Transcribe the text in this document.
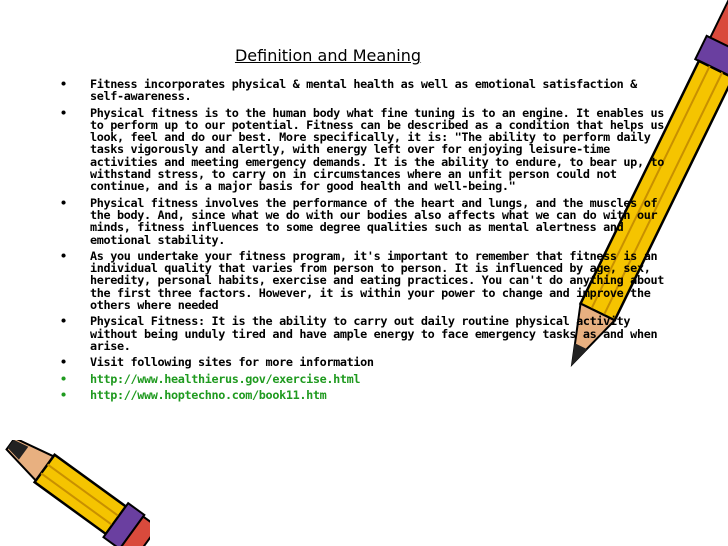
Definition and Meaning
• Fitness incorporates physical & mental health as well as emotional satisfaction & self-awareness.
• Physical fitness is to the human body what fine tuning is to an engine. It enables us to perform up to our potential. Fitness can be described as a condition that helps us look, feel and do our best. More specifically, it is: "The ability to perform daily tasks vigorously and alertly, with energy left over for enjoying leisure-time activities and meeting emergency demands. It is the ability to endure, to bear up, to withstand stress, to carry on in circumstances where an unfit person could not continue, and is a major basis for good health and well-being."
• Physical fitness involves the performance of the heart and lungs, and the muscles of the body. And, since what we do with our bodies also affects what we can do with our minds, fitness influences to some degree qualities such as mental alertness and emotional stability.
• As you undertake your fitness program, it's important to remember that fitness is an individual quality that varies from person to person. It is influenced by age, sex, heredity, personal habits, exercise and eating practices. You can't do anything about the first three factors. However, it is within your power to change and improve the others where needed
• Physical Fitness: It is the ability to carry out daily routine physical activity without being unduly tired and have ample energy to face emergency tasks as and when arise.
• Visit following sites for more information
• http://www.healthierus.gov/exercise.html
• http://www.hoptechno.com/book11.htm
